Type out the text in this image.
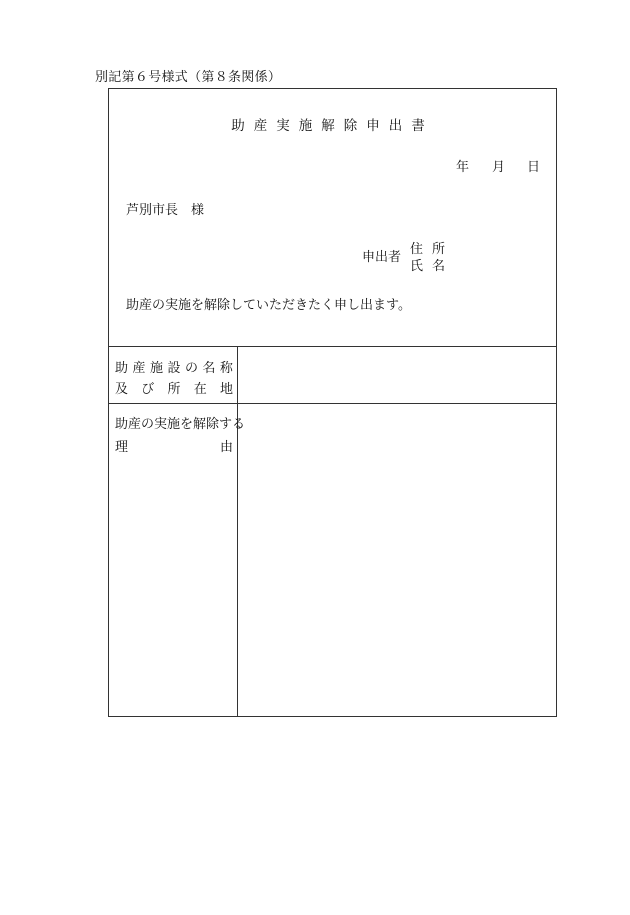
別記第６号様式（第８条関係）
助産実施解除申出書
年 月 日
芦別市長　様
申出者
住所
氏名
助産の実施を解除していただきたく申し出ます。
助 産 施 設 の 名 称
及 び 所 在 地
助産の実施を解除する
理	由
